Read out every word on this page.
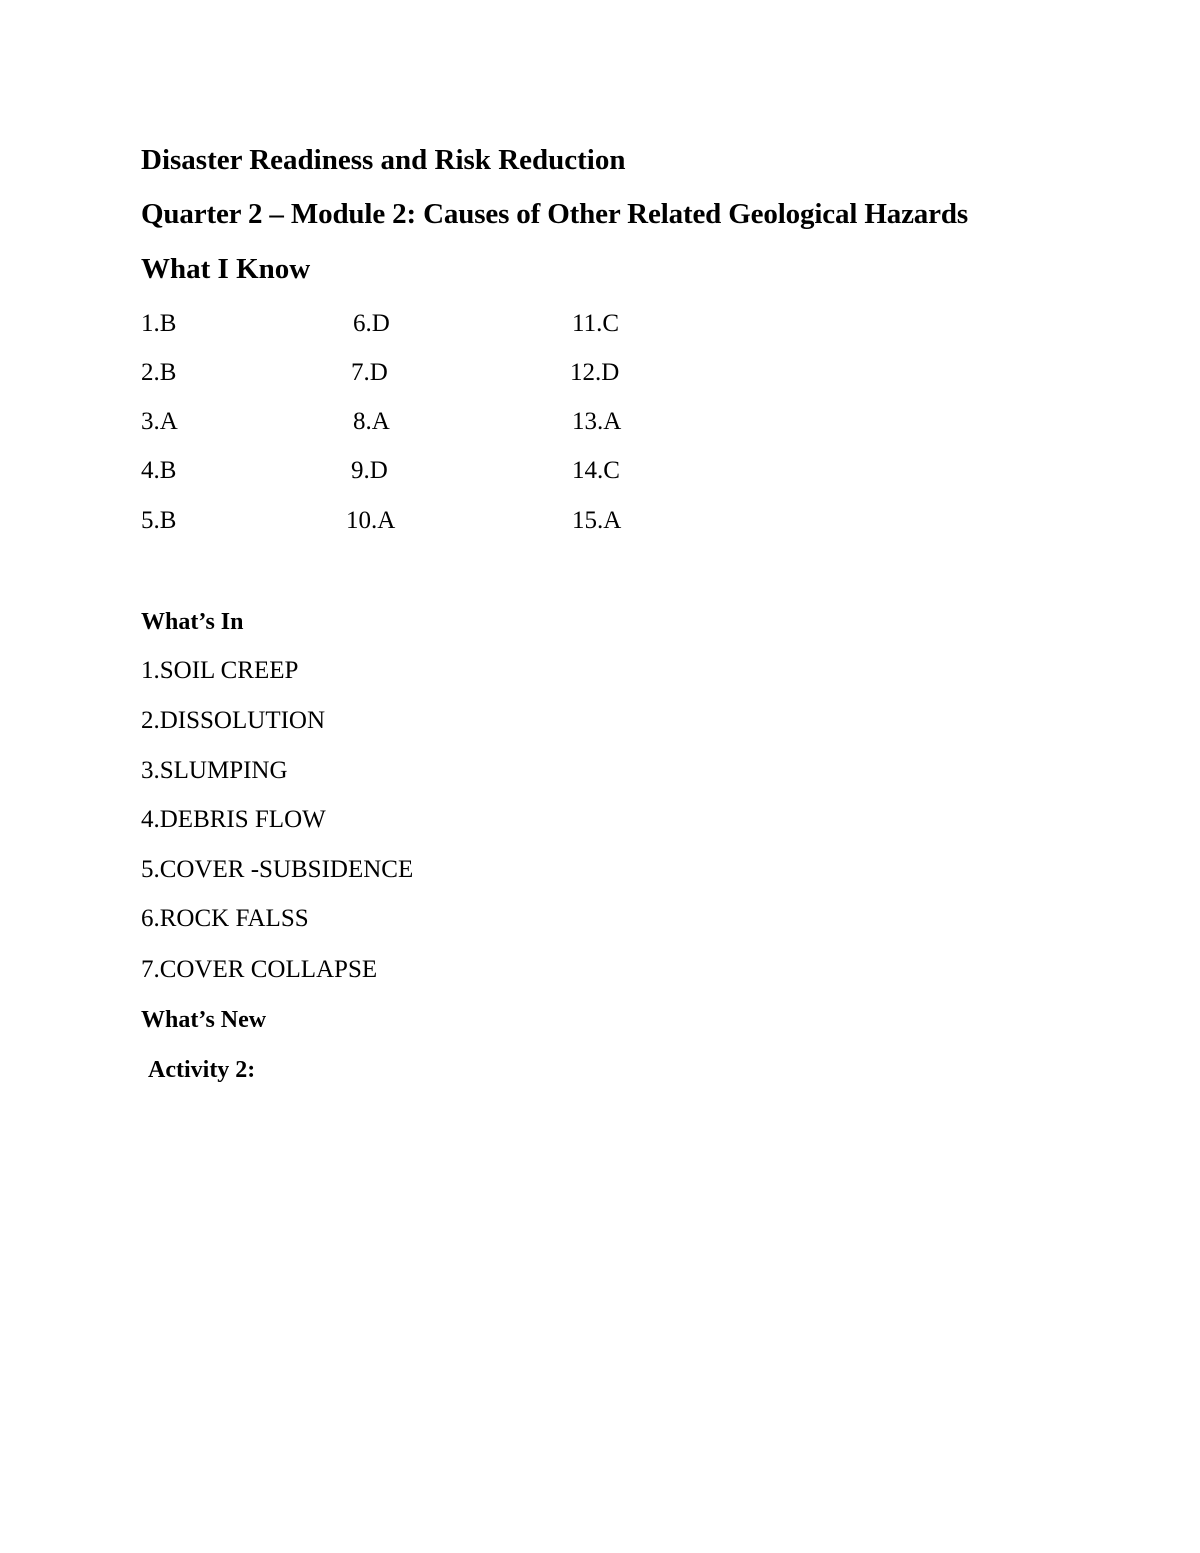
Disaster Readiness and Risk Reduction
Quarter 2 – Module 2: Causes of Other Related Geological Hazards
What I Know
1.B
2.B
3.A
4.B
5.B
6.D
7.D
8.A
9.D
10.A
11.C
12.D
13.A
14.C
15.A
What’s In
1.SOIL CREEP
2.DISSOLUTION
3.SLUMPING
4.DEBRIS FLOW
5.COVER -SUBSIDENCE
6.ROCK FALSS
7.COVER COLLAPSE
What’s New
Activity 2:
